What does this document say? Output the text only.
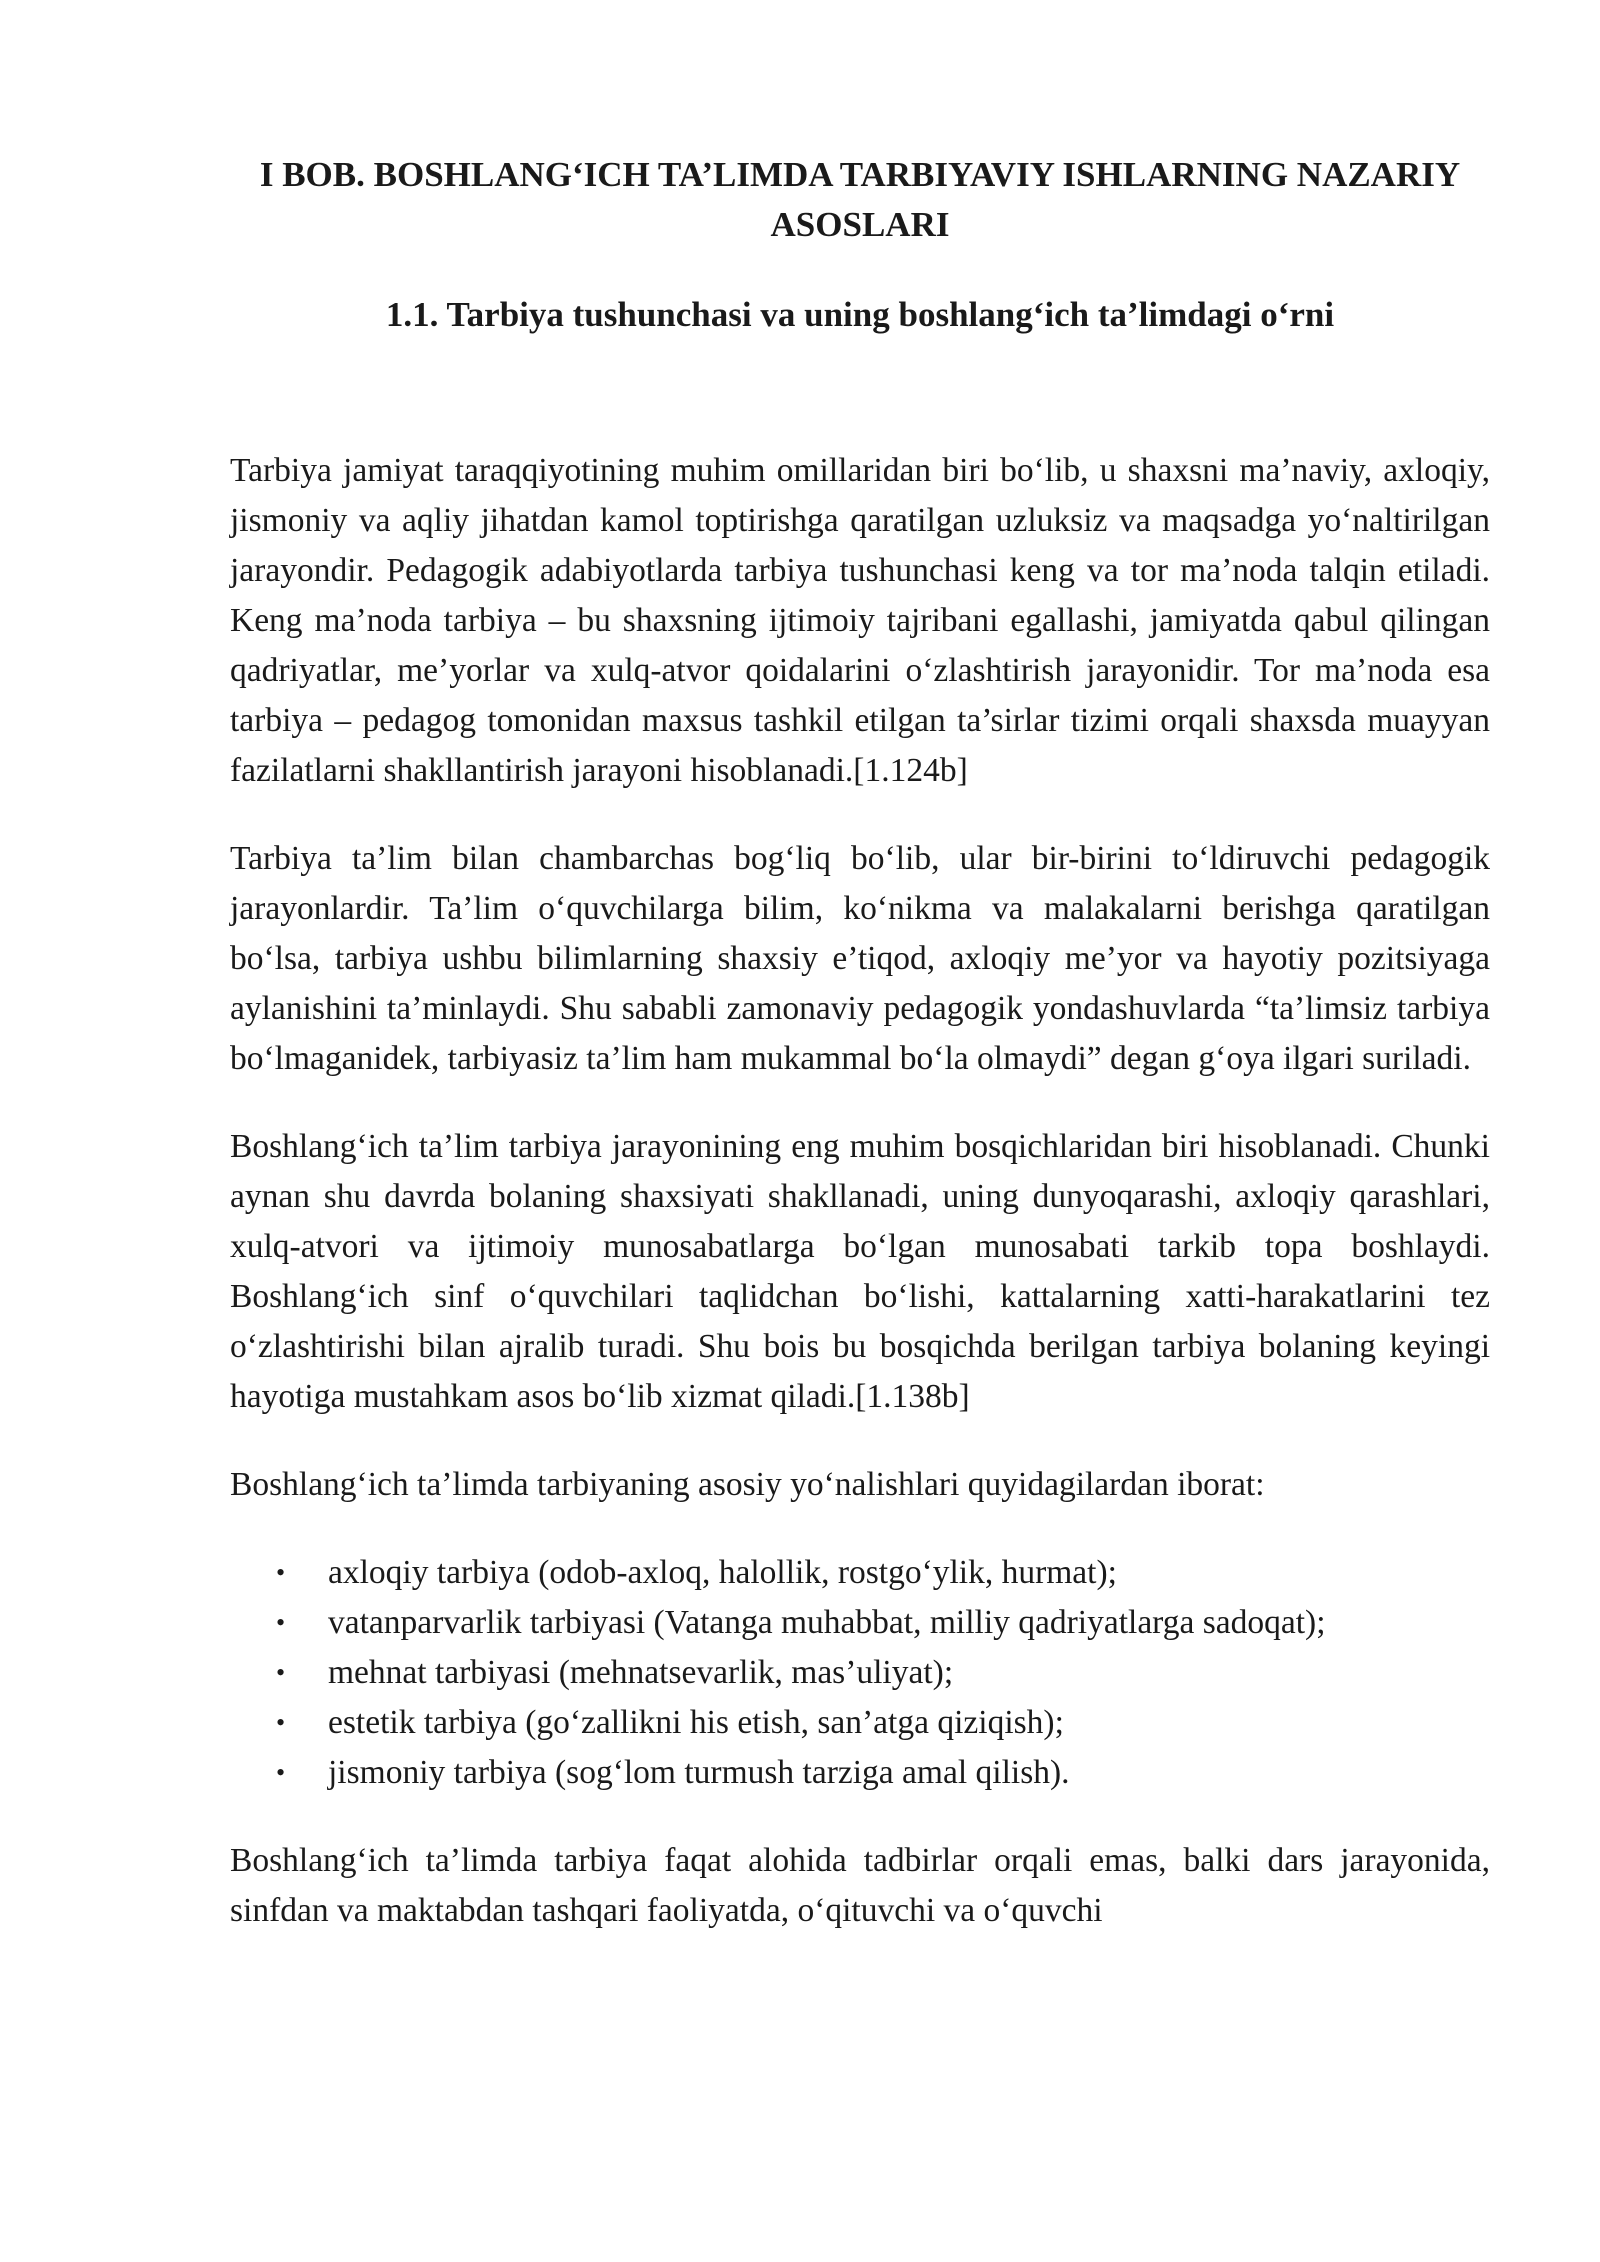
I BOB. BOSHLANG‘ICH TA’LIMDA TARBIYAVIY ISHLARNING NAZARIY ASOSLARI
1.1. Tarbiya tushunchasi va uning boshlang‘ich ta’limdagi o‘rni

Tarbiya jamiyat taraqqiyotining muhim omillaridan biri bo‘lib, u shaxsni ma’naviy, axloqiy, jismoniy va aqliy jihatdan kamol toptirishga qaratilgan uzluksiz va maqsadga yo‘naltirilgan jarayondir. Pedagogik adabiyotlarda tarbiya tushunchasi keng va tor ma’noda talqin etiladi. Keng ma’noda tarbiya – bu shaxsning ijtimoiy tajribani egallashi, jamiyatda qabul qilingan qadriyatlar, me’yorlar va xulq-atvor qoidalarini o‘zlashtirish jarayonidir. Tor ma’noda esa tarbiya – pedagog tomonidan maxsus tashkil etilgan ta’sirlar tizimi orqali shaxsda muayyan fazilatlarni shakllantirish jarayoni hisoblanadi.[1.124b]

Tarbiya ta’lim bilan chambarchas bog‘liq bo‘lib, ular bir-birini to‘ldiruvchi pedagogik jarayonlardir. Ta’lim o‘quvchilarga bilim, ko‘nikma va malakalarni berishga qaratilgan bo‘lsa, tarbiya ushbu bilimlarning shaxsiy e’tiqod, axloqiy me’yor va hayotiy pozitsiyaga aylanishini ta’minlaydi. Shu sababli zamonaviy pedagogik yondashuvlarda “ta’limsiz tarbiya bo‘lmaganidek, tarbiyasiz ta’lim ham mukammal bo‘la olmaydi” degan g‘oya ilgari suriladi.

Boshlang‘ich ta’lim tarbiya jarayonining eng muhim bosqichlaridan biri hisoblanadi. Chunki aynan shu davrda bolaning shaxsiyati shakllanadi, uning dunyoqarashi, axloqiy qarashlari, xulq-atvori va ijtimoiy munosabatlarga bo‘lgan munosabati tarkib topa boshlaydi. Boshlang‘ich sinf o‘quvchilari taqlidchan bo‘lishi, kattalarning xatti-harakatlarini tez o‘zlashtirishi bilan ajralib turadi. Shu bois bu bosqichda berilgan tarbiya bolaning keyingi hayotiga mustahkam asos bo‘lib xizmat qiladi.[1.138b]

Boshlang‘ich ta’limda tarbiyaning asosiy yo‘nalishlari quyidagilardan iborat:

• axloqiy tarbiya (odob-axloq, halollik, rostgo‘ylik, hurmat);
• vatanparvarlik tarbiyasi (Vatanga muhabbat, milliy qadriyatlarga sadoqat);
• mehnat tarbiyasi (mehnatsevarlik, mas’uliyat);
• estetik tarbiya (go‘zallikni his etish, san’atga qiziqish);
• jismoniy tarbiya (sog‘lom turmush tarziga amal qilish).

Boshlang‘ich ta’limda tarbiya faqat alohida tadbirlar orqali emas, balki dars jarayonida, sinfdan va maktabdan tashqari faoliyatda, o‘qituvchi va o‘quvchi
